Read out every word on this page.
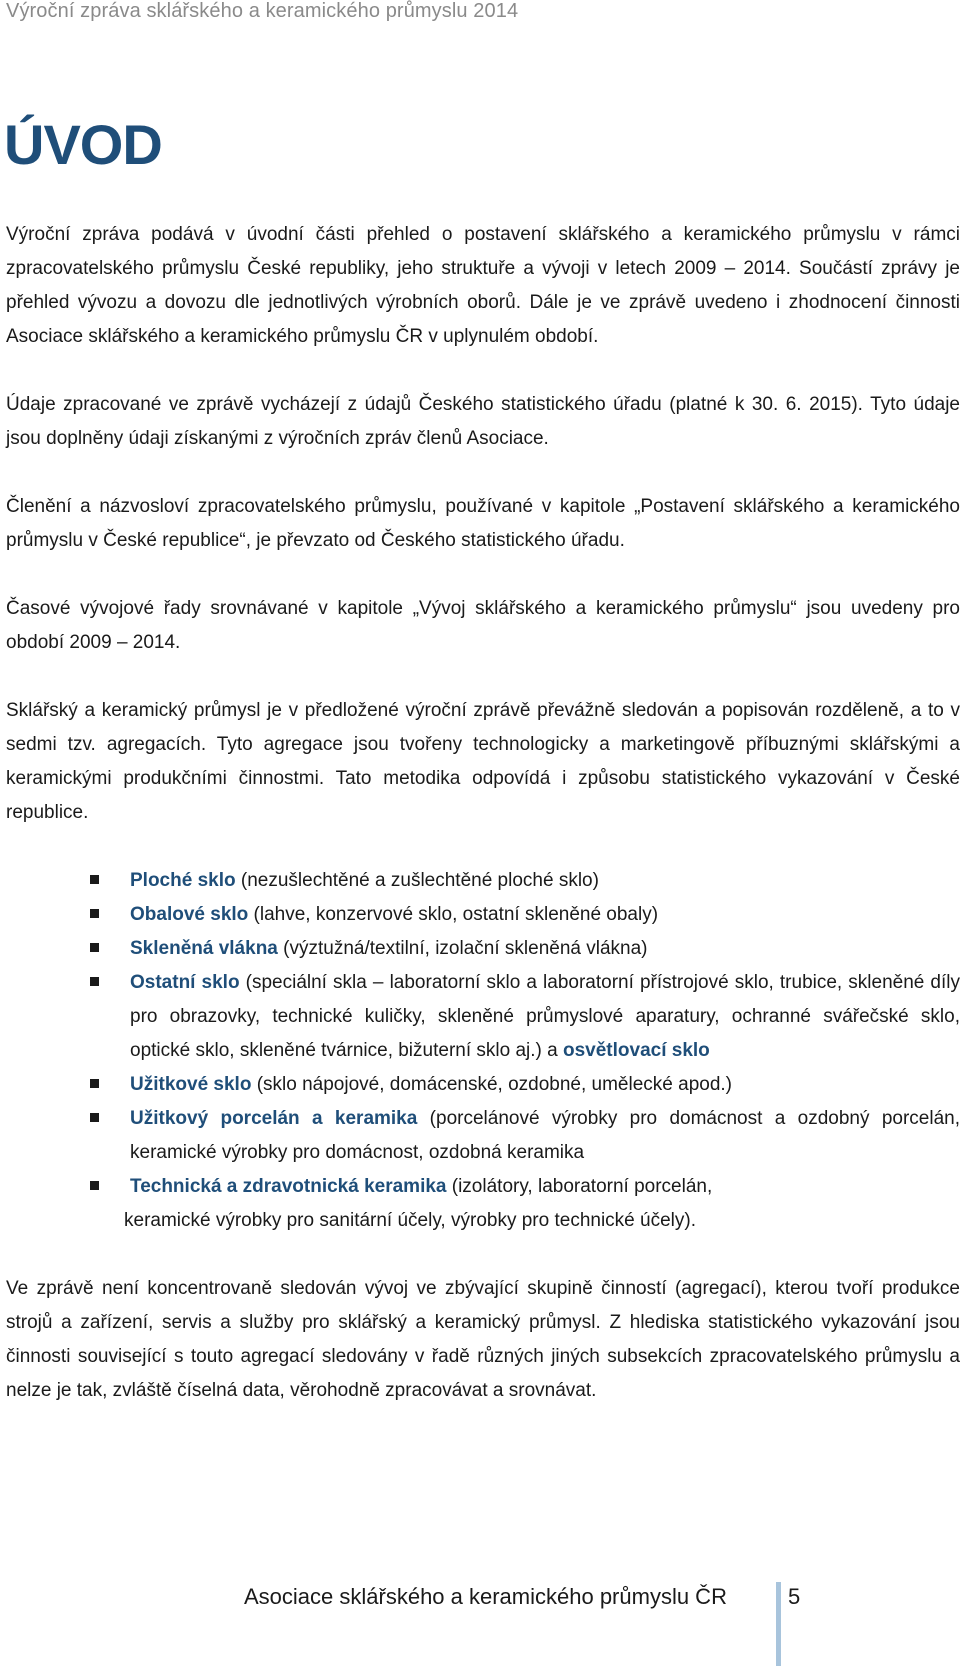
Výroční zpráva sklářského a keramického průmyslu 2014
ÚVOD

Výroční zpráva podává v úvodní části přehled o postavení sklářského a keramického průmyslu v rámci zpracovatelského průmyslu České republiky, jeho struktuře a vývoji v letech 2009 – 2014. Součástí zprávy je přehled vývozu a dovozu dle jednotlivých výrobních oborů. Dále je ve zprávě uvedeno i zhodnocení činnosti Asociace sklářského a keramického průmyslu ČR v uplynulém období.

Údaje zpracované ve zprávě vycházejí z údajů Českého statistického úřadu (platné k 30. 6. 2015). Tyto údaje jsou doplněny údaji získanými z výročních zpráv členů Asociace.

Členění a názvosloví zpracovatelského průmyslu, používané v kapitole „Postavení sklářského a keramického průmyslu v České republice“, je převzato od Českého statistického úřadu.

Časové vývojové řady srovnávané v kapitole „Vývoj sklářského a keramického průmyslu“ jsou uvedeny pro období 2009 – 2014.

Sklářský a keramický průmysl je v předložené výroční zprávě převážně sledován a popisován rozděleně, a to v sedmi tzv. agregacích. Tyto agregace jsou tvořeny technologicky a marketingově příbuznými sklářskými a keramickými produkčními činnostmi. Tato metodika odpovídá i způsobu statistického vykazování v České republice.

Ploché sklo (nezušlechtěné a zušlechtěné ploché sklo)
Obalové sklo (lahve, konzervové sklo, ostatní skleněné obaly)
Skleněná vlákna (výztužná/textilní, izolační skleněná vlákna)
Ostatní sklo (speciální skla – laboratorní sklo a laboratorní přístrojové sklo, trubice, skleněné díly pro obrazovky, technické kuličky, skleněné průmyslové aparatury, ochranné svářečské sklo, optické sklo, skleněné tvárnice, bižuterní sklo aj.) a osvětlovací sklo
Užitkové sklo (sklo nápojové, domácenské, ozdobné, umělecké apod.)
Užitkový porcelán a keramika (porcelánové výrobky pro domácnost a ozdobný porcelán, keramické výrobky pro domácnost, ozdobná keramika
Technická a zdravotnická keramika (izolátory, laboratorní porcelán,
keramické výrobky pro sanitární účely, výrobky pro technické účely).

Ve zprávě není koncentrovaně sledován vývoj ve zbývající skupině činností (agregací), kterou tvoří produkce strojů a zařízení, servis a služby pro sklářský a keramický průmysl. Z hlediska statistického vykazování jsou činnosti související s touto agregací sledovány v řadě různých jiných subsekcích zpracovatelského průmyslu a nelze je tak, zvláště číselná data, věrohodně zpracovávat a srovnávat.

Asociace sklářského a keramického průmyslu ČR	5
